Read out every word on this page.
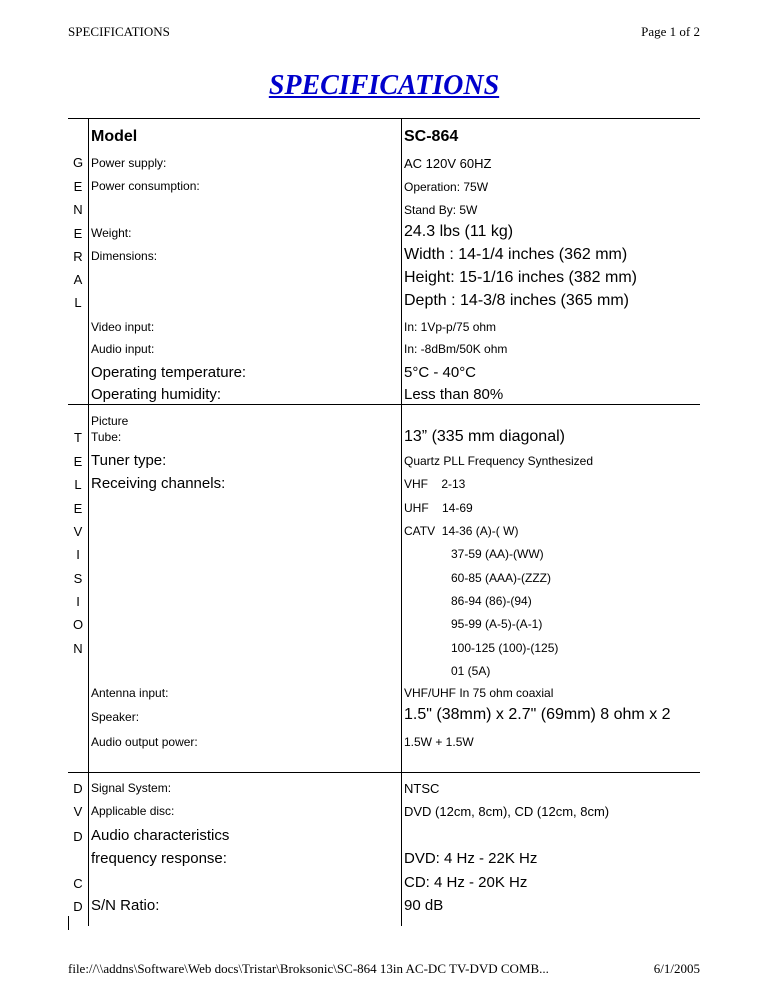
SPECIFICATIONS	Page 1 of 2
SPECIFICATIONS
Model	SC-864
G
E
N
E
R
A
L
Power supply:	AC 120V 60HZ
Power consumption:	Operation: 75W
Stand By: 5W
Weight:	24.3 lbs (11 kg)
Dimensions:	Width : 14-1/4 inches (362 mm)
Height: 15-1/16 inches (382 mm)
Depth : 14-3/8 inches (365 mm)
Video input:	In: 1Vp-p/75 ohm
Audio input:	In: -8dBm/50K ohm
Operating temperature:	5°C - 40°C
Operating humidity:	Less than 80%
T
E
L
E
V
I
S
I
O
N
Picture
Tube:	13” (335 mm diagonal)
Tuner type:	Quartz PLL Frequency Synthesized
Receiving channels:	VHF    2-13
UHF    14-69
CATV  14-36 (A)-( W)
37-59 (AA)-(WW)
60-85 (AAA)-(ZZZ)
86-94 (86)-(94)
95-99 (A-5)-(A-1)
100-125 (100)-(125)
01 (5A)
Antenna input:	VHF/UHF In 75 ohm coaxial
Speaker:	1.5" (38mm) x 2.7" (69mm) 8 ohm x 2
Audio output power:	1.5W + 1.5W
D
V
D
C
D
Signal System:	NTSC
Applicable disc:	DVD (12cm, 8cm), CD (12cm, 8cm)
Audio characteristics
frequency response:	DVD: 4 Hz - 22K Hz
CD: 4 Hz - 20K Hz
S/N Ratio:	90 dB
file://\\addns\Software\Web docs\Tristar\Broksonic\SC-864 13in AC-DC TV-DVD COMB...	6/1/2005
